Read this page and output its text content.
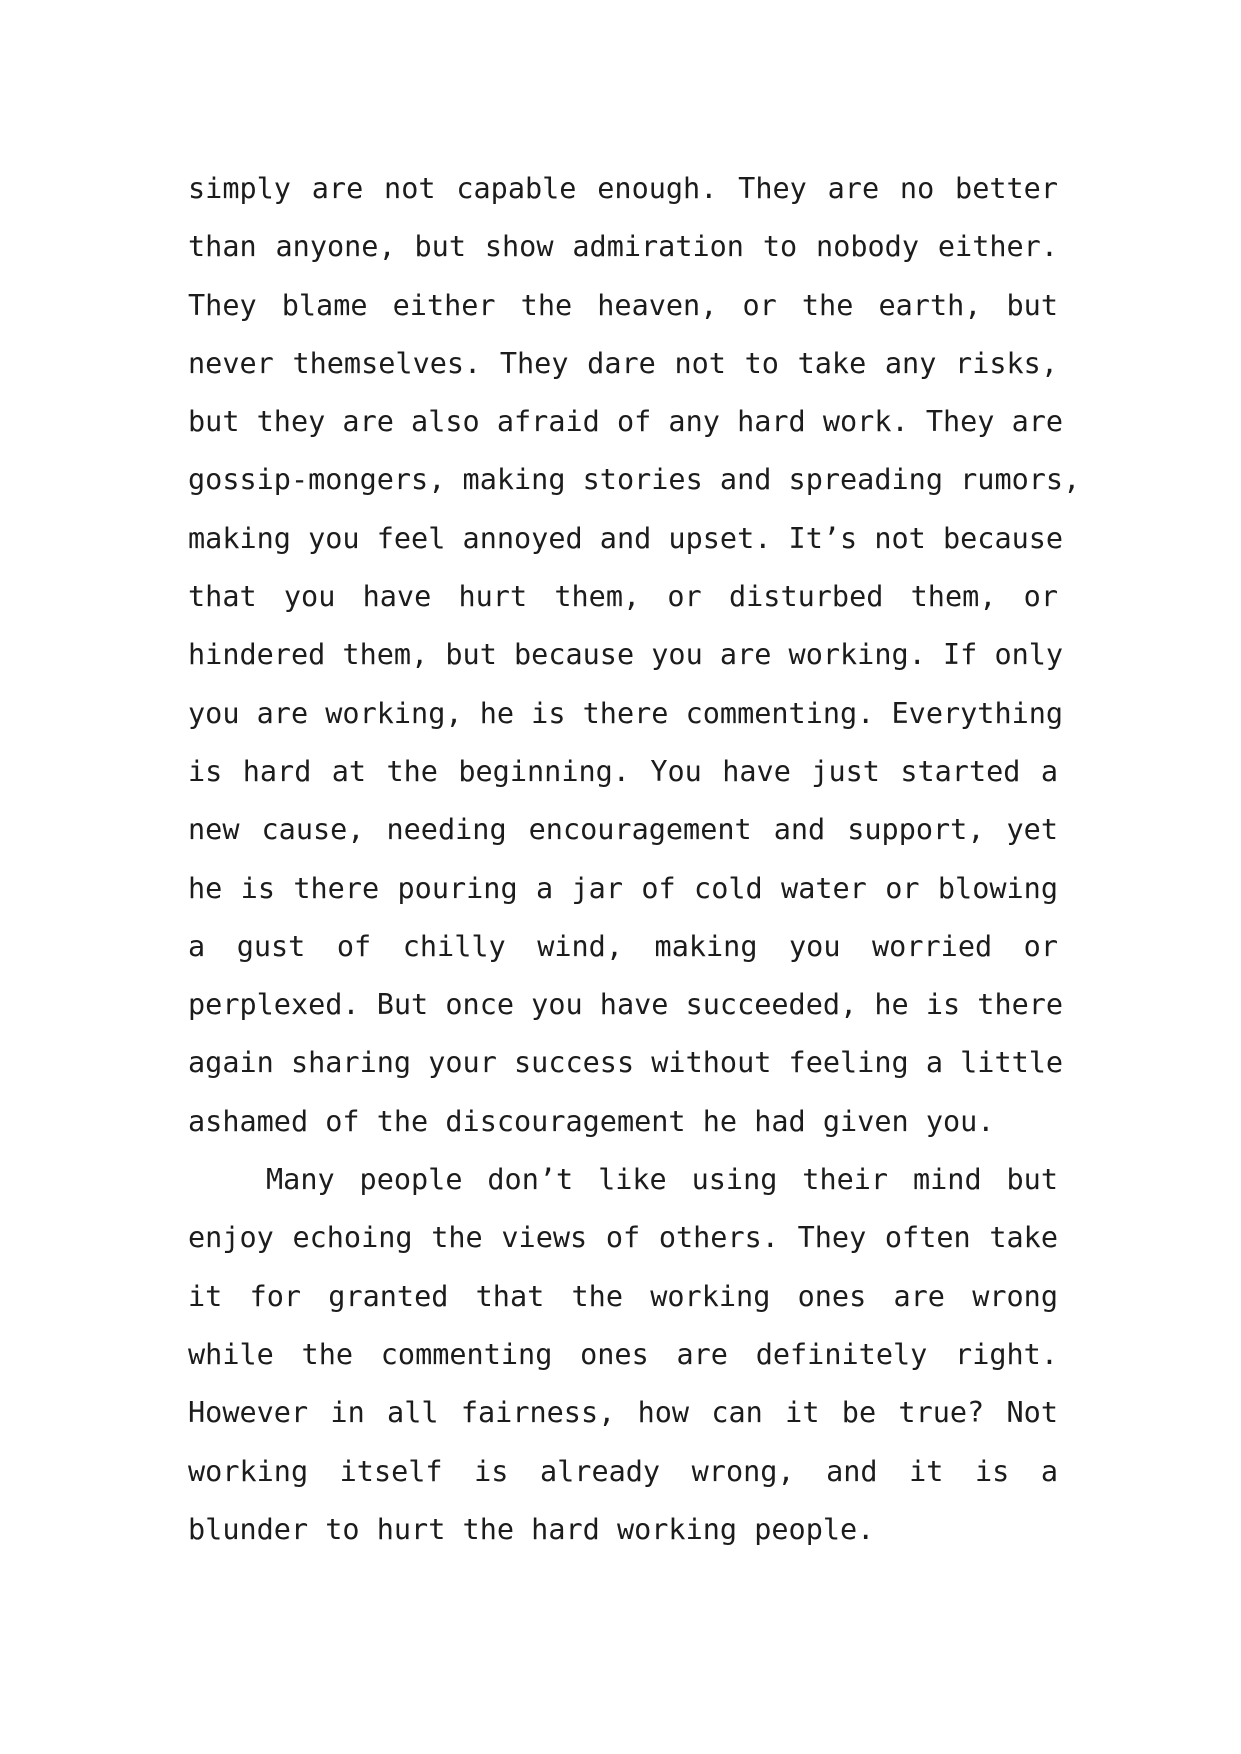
simply are not capable enough. They are no better
than anyone, but show admiration to nobody either.
They blame either the heaven, or the earth, but
never themselves. They dare not to take any risks,
but they are also afraid of any hard work. They are
gossip-mongers, making stories and spreading rumors,
making you feel annoyed and upset. It’s not because
that you have hurt them, or disturbed them, or
hindered them, but because you are working. If only
you are working, he is there commenting. Everything
is hard at the beginning. You have just started a
new cause, needing encouragement and support, yet
he is there pouring a jar of cold water or blowing
a gust of chilly wind, making you worried or
perplexed. But once you have succeeded, he is there
again sharing your success without feeling a little
ashamed of the discouragement he had given you.
Many people don’t like using their mind but
enjoy echoing the views of others. They often take
it for granted that the working ones are wrong
while the commenting ones are definitely right.
However in all fairness, how can it be true? Not
working itself is already wrong, and it is a
blunder to hurt the hard working people.
